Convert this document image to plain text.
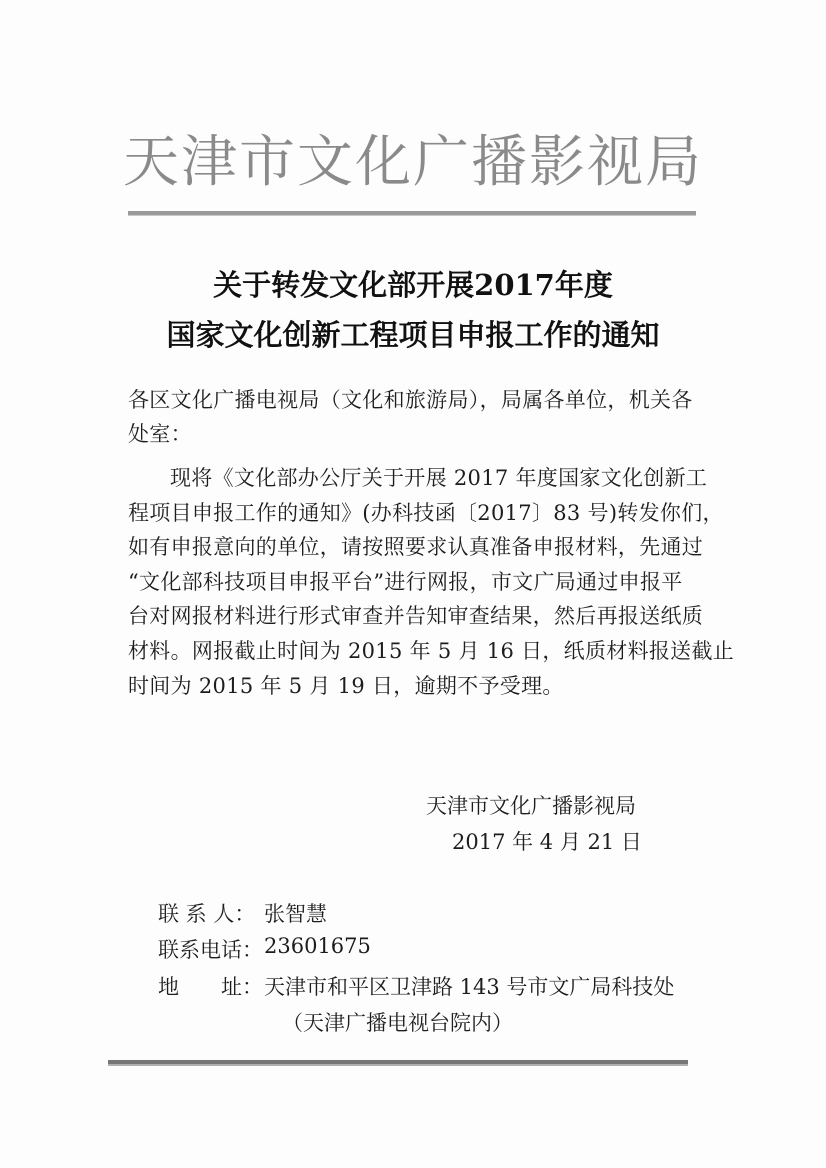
天津市文化广播影视局
关于转发文化部开展2017年度
国家文化创新工程项目申报工作的通知
各区文化广播电视局（文化和旅游局），局属各单位，机关各
处室：
现将《文化部办公厅关于开展 2017 年度国家文化创新工
程项目申报工作的通知》(办科技函〔2017〕83 号)转发你们，
如有申报意向的单位，请按照要求认真准备申报材料，先通过
“文化部科技项目申报平台”进行网报，市文广局通过申报平
台对网报材料进行形式审查并告知审查结果，然后再报送纸质
材料。网报截止时间为 2015 年 5 月 16 日，纸质材料报送截止
时间为 2015 年 5 月 19 日，逾期不予受理。
天津市文化广播影视局
2017 年 4 月 21 日
联 系 人： 张智慧
联系电话： 23601675
地　　址： 天津市和平区卫津路 143 号市文广局科技处
（天津广播电视台院内）
